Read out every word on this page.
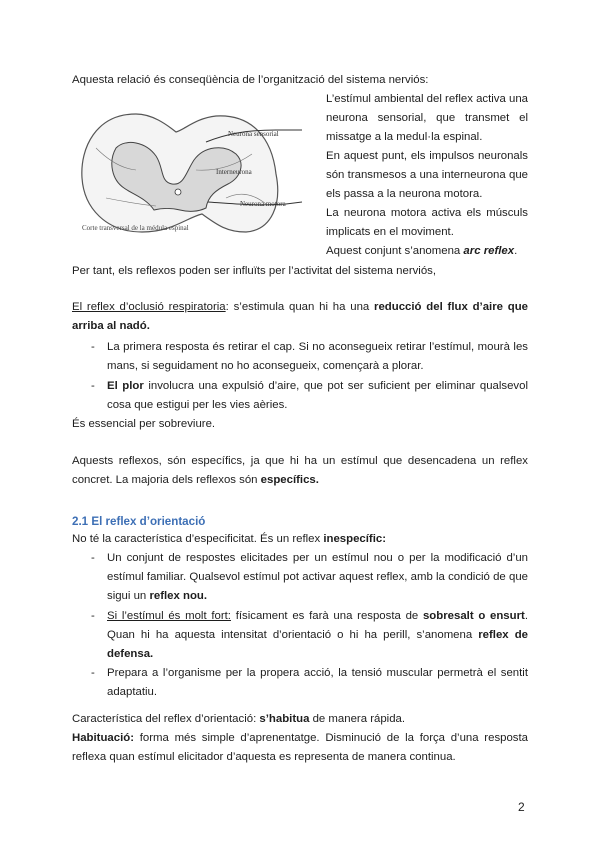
Aquesta relació és conseqüència de l’organització del sistema nerviós:
Neurona sensorial
Interneurona
Neurona motora
Corte transversal de la médula espinal
L’estímul ambiental del reflex activa una neurona sensorial, que transmet el missatge a la medul·la espinal.
En aquest punt, els impulsos neuronals són transmesos a una interneurona que els passa a la neurona motora.
La neurona motora activa els músculs implicats en el moviment.
Aquest conjunt s’anomena arc reflex.
Per tant, els reflexos poden ser influïts per l’activitat del sistema nerviós,
El reflex d’oclusió respiratoria: s’estimula quan hi ha una reducció del flux d’aire que arriba al nadó.
- La primera resposta és retirar el cap. Si no aconsegueix retirar l’estímul, mourà les mans, si seguidament no ho aconsegueix, començarà a plorar.
- El plor involucra una expulsió d’aire, que pot ser suficient per eliminar qualsevol cosa que estigui per les vies aèries.
És essencial per sobreviure.
Aquests reflexos, són específics, ja que hi ha un estímul que desencadena un reflex concret. La majoria dels reflexos són específics.
2.1 El reflex d’orientació
No té la característica d’especificitat. És un reflex inespecífic:
- Un conjunt de respostes elicitades per un estímul nou o per la modificació d’un estímul familiar. Qualsevol estímul pot activar aquest reflex, amb la condició de que sigui un reflex nou.
- Si l’estímul és molt fort: físicament es farà una resposta de sobresalt o ensurt. Quan hi ha aquesta intensitat d’orientació o hi ha perill, s’anomena reflex de defensa.
- Prepara a l’organisme per la propera acció, la tensió muscular permetrà el sentit adaptatiu.
Característica del reflex d’orientació: s’habitua de manera rápida.
Habituació: forma més simple d’aprenentatge. Disminució de la força d’una resposta reflexa quan estímul elicitador d’aquesta es representa de manera continua.
2
